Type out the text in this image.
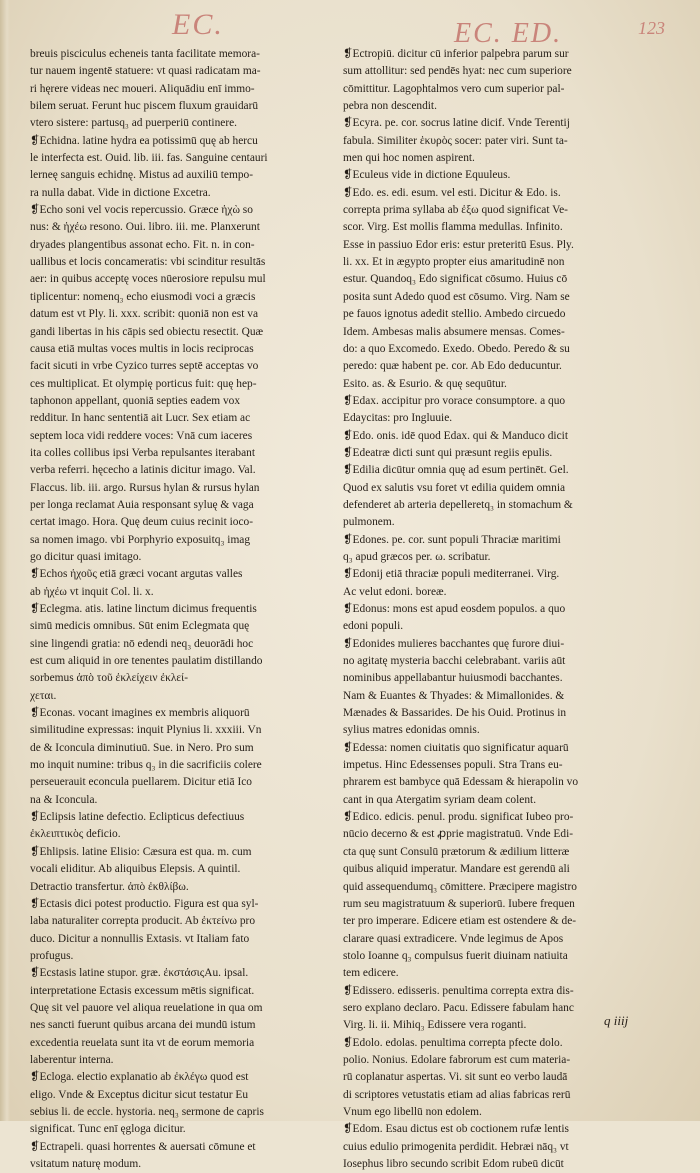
EC.	EC. ED.	123
breuis pisciculus echeneis tanta facilitate memora-
tur nauem ingentē statuere: vt quasi radicatam ma-
ri hęrere videas nec moueri. Aliquādiu enī immo-
bilem seruat. Ferunt huc piscem fluxum grauidarū
vtero sistere: partusq₃ ad puerperiū continere.
❡Echidna. latine hydra ea potissimū quę ab hercu
le interfecta est. Ouid. lib. iii. fas. Sanguine centauri
lerneę sanguis echidnę. Mistus ad auxiliū tempo-
ra nulla dabat. Vide in dictione Excetra.
❡Echo soni vel vocis repercussio. Græce ἠχὼ so
nus: & ἠχέω resono. Oui. libro. iii. me. Planxerunt
dryades plangentibus assonat echo. Fit. n. in con-
uallibus et locis concameratis: vbi scinditur resultās
aer: in quibus acceptę voces nūerosiore repulsu mul
tiplicentur: nomenq₃ echo eiusmodi voci a græcis
datum est vt Ply. li. xxx. scribit: quoniā non est va
gandi libertas in his cāpis sed obiectu resectit. Quæ
causa etiā multas voces multis in locis reciprocas
facit sicuti in vrbe Cyzico turres septē acceptas vo
ces multiplicat. Et olympię porticus fuit: quę hep-
taphonon appellant, quoniā septies eadem vox
redditur. In hanc sententiā ait Lucr. Sex etiam ac
septem loca vidi reddere voces: Vnā cum iaceres
ita colles collibus ipsi Verba repulsantes iterabant
verba referri. hęcecho a latinis dicitur imago. Val.
Flaccus. lib. iii. argo. Rursus hylan & rursus hylan
per longa reclamat Auia responsant syluę & vaga
certat imago. Hora. Quę deum cuius recinit ioco-
sa nomen imago. vbi Porphyrio exposuitq₃ imag
go dicitur quasi imitago.
❡Echos ἠχοῦς etiā græci vocant argutas valles
ab ἠχέω vt inquit Col. li. x.
❡Eclegma. atis. latine linctum dicimus frequentis
simū medicis omnibus. Sūt enim Eclegmata quę
sine lingendi gratia: nō edendi neq₃ deuorādi hoc
est cum aliquid in ore tenentes paulatim distillando
sorbemus ἀπὸ τοῦ ἐκλείχειν ἐκλεί-
χεται.
❡Econas. vocant imagines ex membris aliquorū
similitudine expressas: inquit Plynius li. xxxiii. Vn
de & Iconcula diminutiuū. Sue. in Nero. Pro sum
mo inquit numine: tribus q₃ in die sacrificiis colere
perseuerauit econcula puellarem. Dicitur etiā Ico
na & Iconcula.
❡Eclipsis latine defectio. Eclipticus defectiuus
ἐκλειπτικὸς deficio.
❡Ehlipsis. latine Elisio: Cæsura est qua. m. cum
vocali eliditur. Ab aliquibus Elepsis. A quintil.
Detractio transfertur. ἀπὸ ἐκθλίβω.
❡Ectasis dici potest productio. Figura est qua syl-
laba naturaliter correpta producit. Ab ἐκτείνω pro
duco. Dicitur a nonnullis Extasis. vt Italiam fato
profugus.
❡Ecstasis latine stupor. græ. ἐκστάσιςAu. ipsal.
interpretatione Ectasis excessum mētis significat.
Quę sit vel pauore vel aliqua reuelatione in qua om
nes sancti fuerunt quibus arcana dei mundū istum
excedentia reuelata sunt ita vt de eorum memoria
laberentur interna.
❡Ecloga. electio explanatio ab ἐκλέγω quod est
eligo. Vnde & Exceptus dicitur sicut testatur Eu
sebius li. de eccle. hystoria. neq₃ sermone de capris
significat. Tunc enī ęgloga dicitur.
❡Ectrapeli. quasi horrentes & auersati cōmune et
vsitatum naturę modum.
❡Ectropiū. dicitur cū inferior palpebra parum sur
sum attollitur: sed pendēs hyat: nec cum superiore
cōmittitur. Lagophtalmos vero cum superior pal-
pebra non descendit.
❡Ecyra. pe. cor. socrus latine dicif. Vnde Terentij
fabula. Similiter ἑκυρὸς socer: pater viri. Sunt ta-
men qui hoc nomen aspirent.
❡Eculeus vide in dictione Equuleus.
❡Edo. es. edi. esum. vel esti. Dicitur & Edo. is.
correpta prima syllaba ab ἐξω quod significat Ve-
scor. Virg. Est mollis flamma medullas. Infinito.
Esse in passiuo Edor eris: estur preteritū Esus. Ply.
li. xx. Et in ægypto propter eius amaritudinē non
estur. Quandoq₃ Edo significat cōsumo. Huius cō
posita sunt Adedo quod est cōsumo. Virg. Nam se
pe fauos ignotus adedit stellio. Ambedo circuedo
Idem. Ambesas malis absumere mensas. Comes-
do: a quo Excomedo. Exedo. Obedo. Peredo & su
peredo: quæ habent pe. cor. Ab Edo deducuntur.
Esito. as. & Esurio. & quę sequūtur.
❡Edax. accipitur pro vorace consumptore. a quo
Edaycitas: pro Ingluuie.
❡Edo. onis. idē quod Edax. qui & Manduco dicit
❡Edeatræ dicti sunt qui præsunt regiis epulis.
❡Edilia dicūtur omnia quę ad esum pertinēt. Gel.
Quod ex salutis vsu foret vt edilia quidem omnia
defenderet ab arteria depelleretq₃ in stomachum &
pulmonem.
❡Edones. pe. cor. sunt populi Thraciæ maritimi
q₃ apud græcos per. ω. scribatur.
❡Edonij etiā thraciæ populi mediterranei. Virg.
Ac velut edoni. boreæ.
❡Edonus: mons est apud eosdem populos. a quo
edoni populi.
❡Edonides mulieres bacchantes quę furore diui-
no agitatę mysteria bacchi celebrabant. variis aūt
nominibus appellabantur huiusmodi bacchantes.
Nam & Euantes & Thyades: & Mimallonides. &
Mænades & Bassarides. De his Ouid. Protinus in
sylius matres edonidas omnis.
❡Edessa: nomen ciuitatis quo significatur aquarū
impetus. Hinc Edessenses populi. Stra Trans eu-
phrarem est bambyce quā Edessam & hierapolin vo
cant in qua Atergatim syriam deam colent.
❡Edico. edicis. penul. produ. significat Iubeo pro-
nūcio decerno & est ꝓprie magistratuū. Vnde Edi-
cta quę sunt Consulū prætorum & ædilium litteræ
quibus aliquid imperatur. Mandare est gerendū ali
quid assequendumq₃ cōmittere. Præcipere magistro
rum seu magistratuum & superiorū. Iubere frequen
ter pro imperare. Edicere etiam est ostendere & de-
clarare quasi extradicere. Vnde legimus de Apos
stolo Ioanne q₃ compulsus fuerit diuinam natiuita
tem edicere.
❡Edissero. edisseris. penultima correpta extra dis-
sero explano declaro. Pacu. Edissere fabulam hanc
Virg. li. ii. Mihiq₃ Edissere vera roganti.
❡Edolo. edolas. penultima correpta pfecte dolo.
polio. Nonius. Edolare fabrorum est cum materia-
rū coplanatur aspertas. Vi. sit sunt eo verbo laudā
di scriptores vetustatis etiam ad alias fabricas rerū
Vnum ego libellū non edolem.
❡Edom. Esau dictus est ob coctionem rufæ lentis
cuius edulio primogenita perdidit. Hebræi nāq₃ vt
Iosephus libro secundo scribit Edom rubeū dicūt
q iiij
